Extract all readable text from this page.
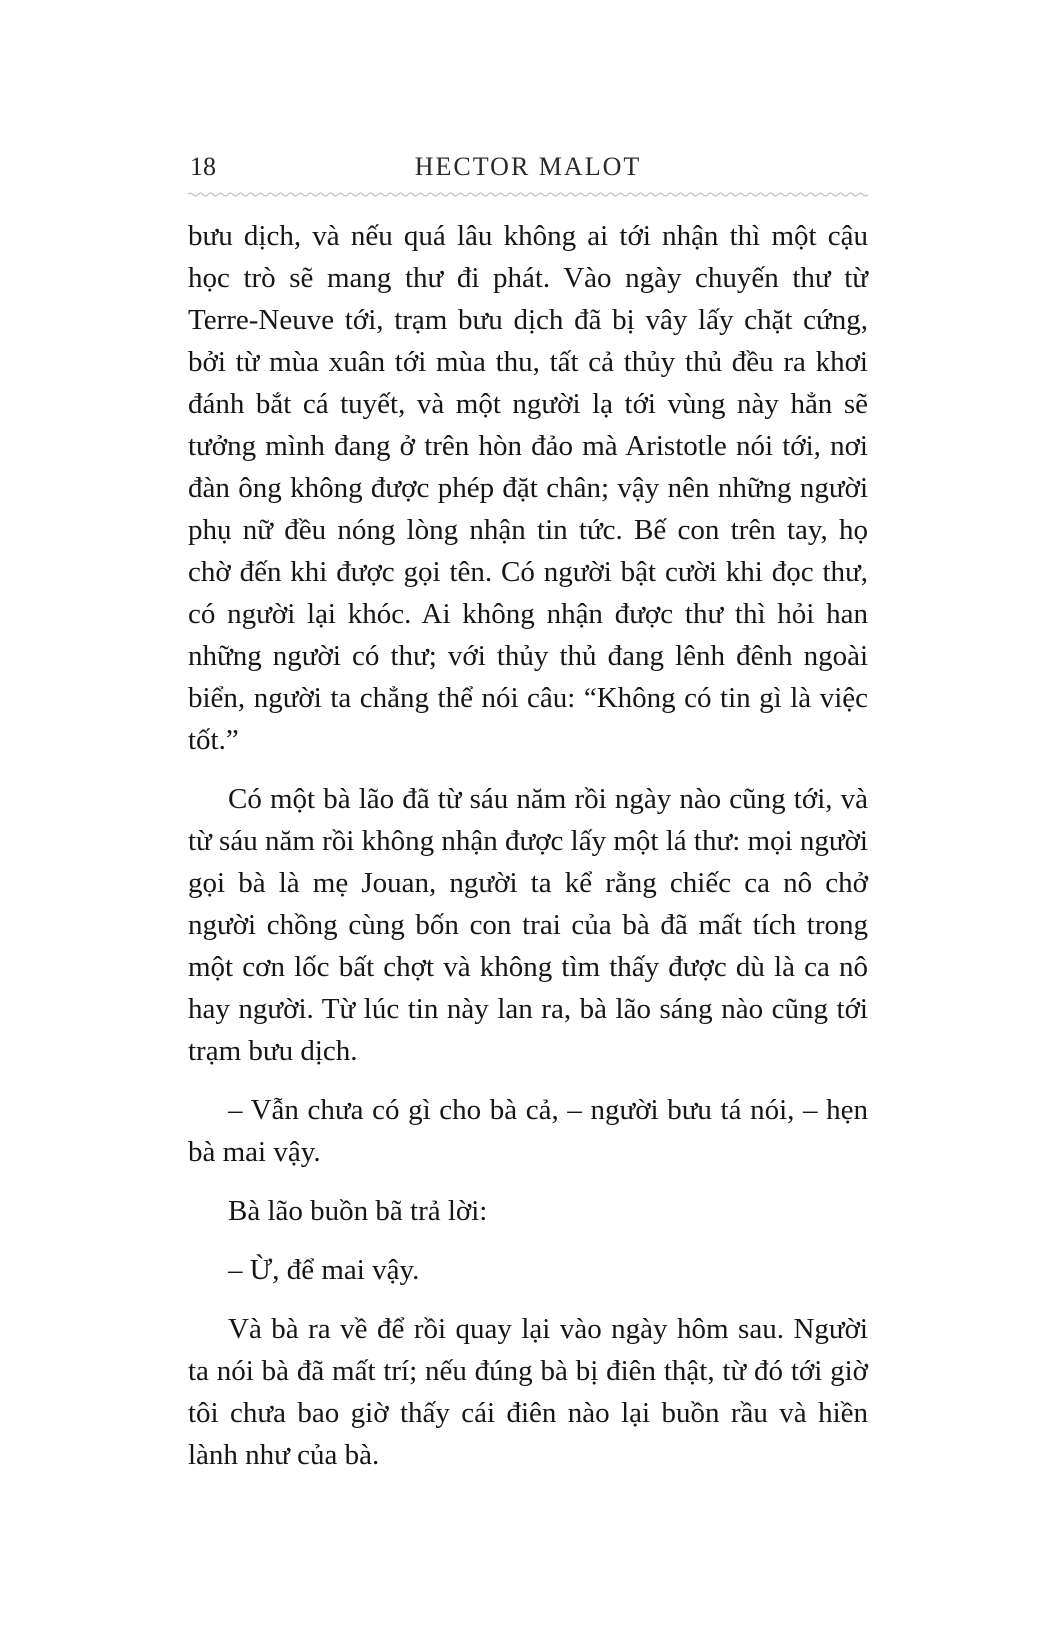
18	HECTOR MALOT

bưu dịch, và nếu quá lâu không ai tới nhận thì một cậu học trò sẽ mang thư đi phát. Vào ngày chuyến thư từ Terre-Neuve tới, trạm bưu dịch đã bị vây lấy chặt cứng, bởi từ mùa xuân tới mùa thu, tất cả thủy thủ đều ra khơi đánh bắt cá tuyết, và một người lạ tới vùng này hẳn sẽ tưởng mình đang ở trên hòn đảo mà Aristotle nói tới, nơi đàn ông không được phép đặt chân; vậy nên những người phụ nữ đều nóng lòng nhận tin tức. Bế con trên tay, họ chờ đến khi được gọi tên. Có người bật cười khi đọc thư, có người lại khóc. Ai không nhận được thư thì hỏi han những người có thư; với thủy thủ đang lênh đênh ngoài biển, người ta chẳng thể nói câu: “Không có tin gì là việc tốt.”

Có một bà lão đã từ sáu năm rồi ngày nào cũng tới, và từ sáu năm rồi không nhận được lấy một lá thư: mọi người gọi bà là mẹ Jouan, người ta kể rằng chiếc ca nô chở người chồng cùng bốn con trai của bà đã mất tích trong một cơn lốc bất chợt và không tìm thấy được dù là ca nô hay người. Từ lúc tin này lan ra, bà lão sáng nào cũng tới trạm bưu dịch.

– Vẫn chưa có gì cho bà cả, – người bưu tá nói, – hẹn bà mai vậy.

Bà lão buồn bã trả lời:

– Ừ, để mai vậy.

Và bà ra về để rồi quay lại vào ngày hôm sau. Người ta nói bà đã mất trí; nếu đúng bà bị điên thật, từ đó tới giờ tôi chưa bao giờ thấy cái điên nào lại buồn rầu và hiền lành như của bà.
